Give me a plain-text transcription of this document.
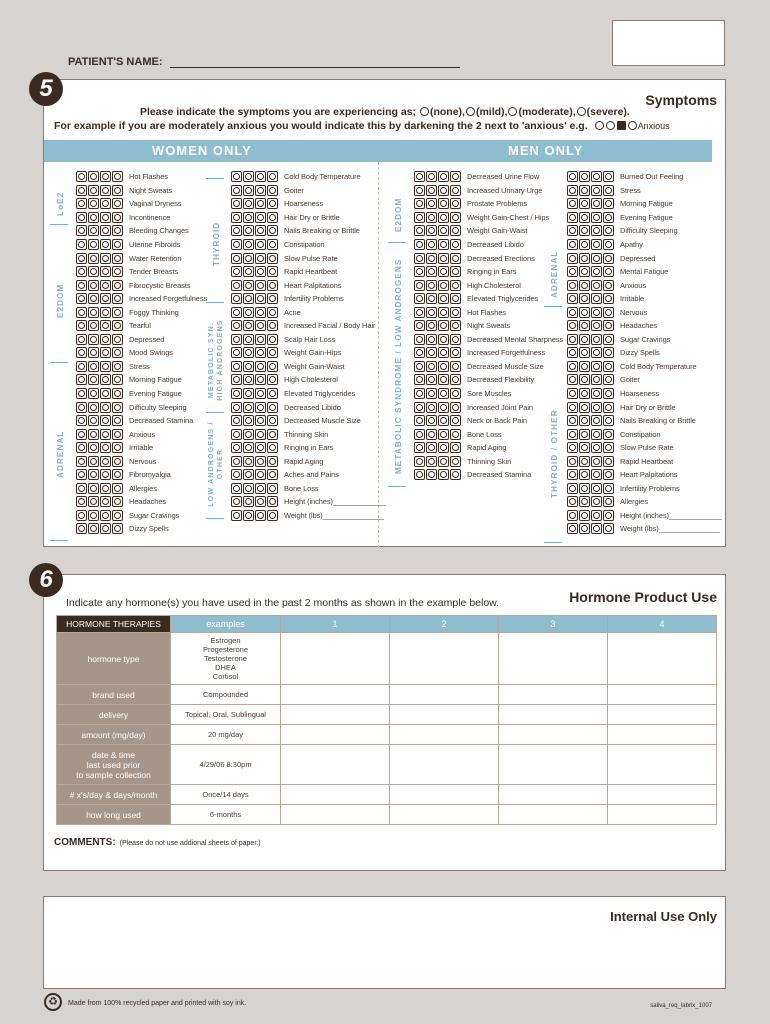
PATIENT'S NAME:
Symptoms
Please indicate the symptoms you are experiencing as; (none), (mild), (moderate), (severe).
For example if you are moderately anxious you would indicate this by darkening the 2 next to 'anxious' e.g.	Anxious
WOMEN ONLY	MEN ONLY
Hot Flashes
Night Sweats
Vaginal Dryness
Incontinence
Bleeding Changes
Uterine Fibroids
Water Retention
Tender Breasts
Fibrocystic Breasts
Increased Forgetfulness
Foggy Thinking
Tearful
Depressed
Mood Swings
Stress
Morning Fatigue
Evening Fatigue
Difficulty Sleeping
Decreased Stamina
Anxious
Irritable
Nervous
Fibromyalgia
Allergies
Headaches
Sugar Cravings
Dizzy Spells
Cold Body Temperature
Goiter
Hoarseness
Hair Dry or Brittle
Nails Breaking or Brittle
Constipation
Slow Pulse Rate
Rapid Heartbeat
Heart Palpitations
Infertility Problems
Acne
Increased Facial / Body Hair
Scalp Hair Loss
Weight Gain-Hips
Weight Gain-Waist
High Cholesterol
Elevated Triglycerides
Decreased Libido
Decreased Muscle Size
Thinning Skin
Ringing in Ears
Rapid Aging
Aches and Pains
Bone Loss
Height (inches)_____________
Weight (lbs)_______________
Decreased Urine Flow
Increased Urinary Urge
Prostate Problems
Weight Gain-Chest / Hips
Weight Gain-Waist
Decreased Libido
Decreased Erections
Ringing in Ears
High Cholesterol
Elevated Triglycerides
Hot Flashes
Night Sweats
Decreased Mental Sharpness
Increased Forgetfulness
Decreased Muscle Size
Decreased Flexibility
Sore Muscles
Increased Joint Pain
Neck or Back Pain
Bone Loss
Rapid Aging
Thinning Skin
Decreased Stamina
Burned Out Feeling
Stress
Morning Fatigue
Evening Fatigue
Difficulty Sleeping
Apathy
Depressed
Mental Fatigue
Anxious
Irritable
Nervous
Headaches
Sugar Cravings
Dizzy Spells
Cold Body Temperature
Goiter
Hoarseness
Hair Dry or Brittle
Nails Breaking or Brittle
Constipation
Slow Pulse Rate
Rapid Heartbeat
Heart Palpitations
Infertility Problems
Allergies
Height (inches)_____________
Weight (lbs)_______________
LoE2
E2DOM
ADRENAL
THYROID
METABOLIC SYN. HIGH ANDROGENS
LOW ANDROGENS / OTHER
E2DOM
METABOLIC SYNDROME / LOW ANDROGENS	ADRENAL
THYROID / OTHER
5
Hormone Product Use
Indicate any hormone(s) you have used in the past 2 months as shown in the example below.
HORMONE THERAPIES	examples	1	2	3	4
hormone type	Estrogen
Progesterone
Testosterone
DHEA
Cortisol				
brand used	Compounded				
delivery	Topical, Oral, Sublingual				
amount (mg/day)	20 mg/day				
date & time
last used prior
to sample collection	4/29/06 8:30pm				
# x's/day & days/month	Once/14 days				
how long used	6-months				
COMMENTS: (Please do not use addional sheets of paper.)
6
Internal Use Only
♻	Made from 100% recycled paper and printed with soy ink.	saliva_req_labrix_1007
